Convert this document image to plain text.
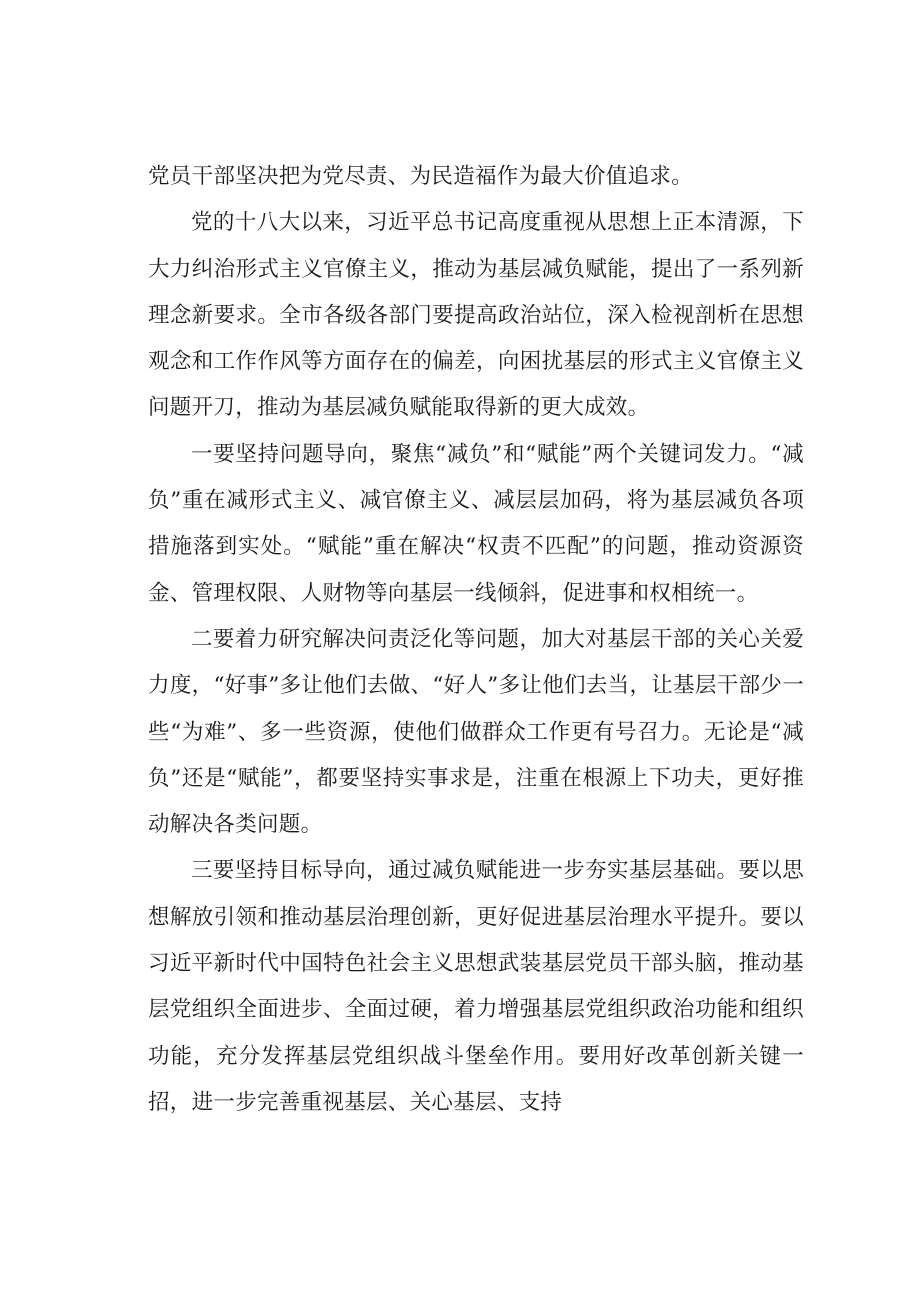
党员干部坚决把为党尽责、为民造福作为最大价值追求。

党的十八大以来，习近平总书记高度重视从思想上正本清源，下大力纠治形式主义官僚主义，推动为基层减负赋能，提出了一系列新理念新要求。全市各级各部门要提高政治站位，深入检视剖析在思想观念和工作作风等方面存在的偏差，向困扰基层的形式主义官僚主义问题开刀，推动为基层减负赋能取得新的更大成效。

一要坚持问题导向，聚焦“减负”和“赋能”两个关键词发力。“减负”重在减形式主义、减官僚主义、减层层加码，将为基层减负各项措施落到实处。“赋能”重在解决“权责不匹配”的问题，推动资源资金、管理权限、人财物等向基层一线倾斜，促进事和权相统一。

二要着力研究解决问责泛化等问题，加大对基层干部的关心关爱力度，“好事”多让他们去做、“好人”多让他们去当，让基层干部少一些“为难”、多一些资源，使他们做群众工作更有号召力。无论是“减负”还是“赋能”，都要坚持实事求是，注重在根源上下功夫，更好推动解决各类问题。

三要坚持目标导向，通过减负赋能进一步夯实基层基础。要以思想解放引领和推动基层治理创新，更好促进基层治理水平提升。要以习近平新时代中国特色社会主义思想武装基层党员干部头脑，推动基层党组织全面进步、全面过硬，着力增强基层党组织政治功能和组织功能，充分发挥基层党组织战斗堡垒作用。要用好改革创新关键一招，进一步完善重视基层、关心基层、支持
